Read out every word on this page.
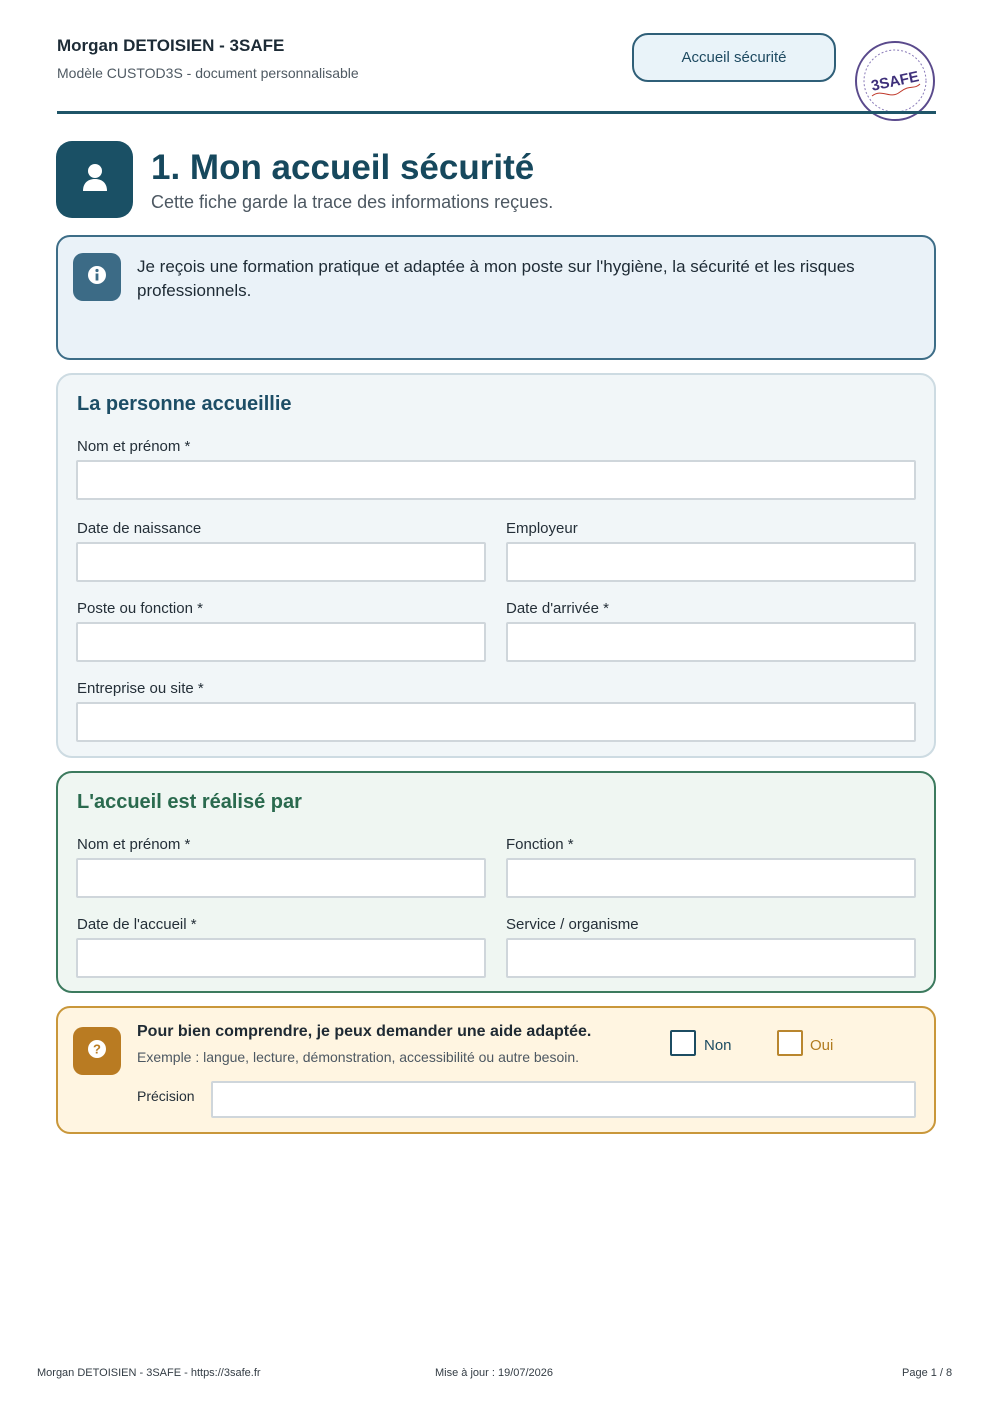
Morgan DETOISIEN - 3SAFE
Modèle CUSTOD3S - document personnalisable
Accueil sécurité
3SAFE
1. Mon accueil sécurité
Cette fiche garde la trace des informations reçues.
Je reçois une formation pratique et adaptée à mon poste sur l'hygiène, la sécurité et les risques professionnels.
La personne accueillie
Nom et prénom *
Date de naissance	Employeur
Poste ou fonction *	Date d'arrivée *
Entreprise ou site *
L'accueil est réalisé par
Nom et prénom *	Fonction *
Date de l'accueil *	Service / organisme
?
Pour bien comprendre, je peux demander une aide adaptée.
Exemple : langue, lecture, démonstration, accessibilité ou autre besoin.
Non	Oui
Précision
Morgan DETOISIEN - 3SAFE - https://3safe.fr	Mise à jour : 19/07/2026	Page 1 / 8
